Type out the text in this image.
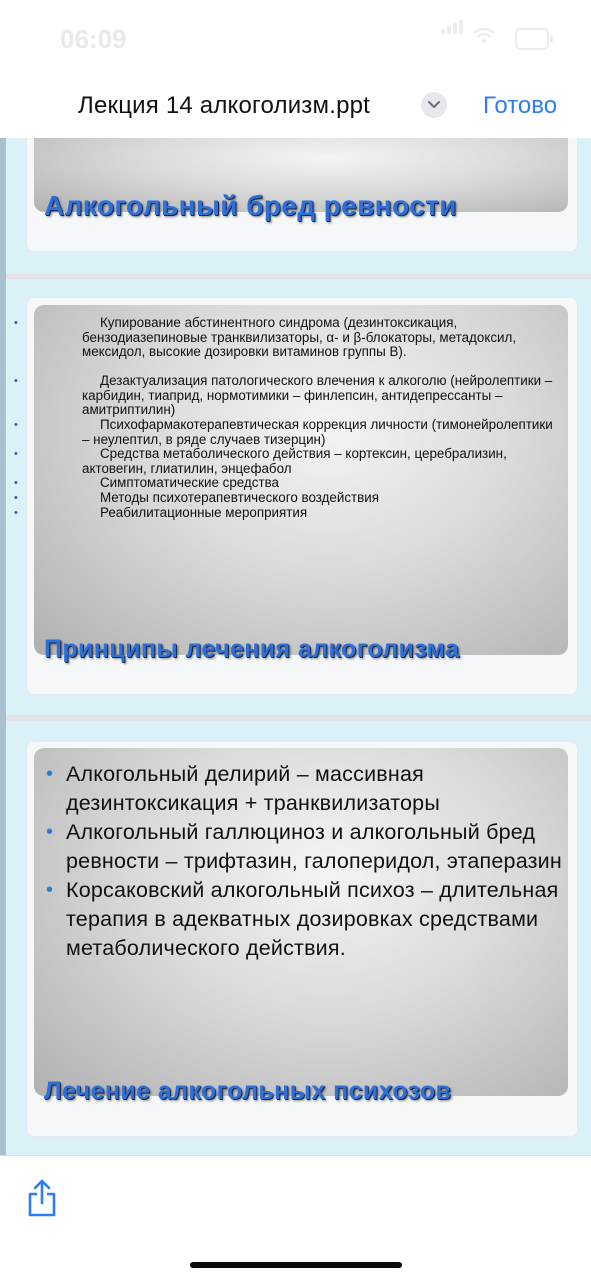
06:09
Лекция 14 алкоголизм.ppt	Готово
Алкогольный бред ревности
Принципы лечения алкоголизма
•	Купирование абстинентного синдрома (дезинтоксикация, бензодиазепиновые транквилизаторы, α- и β-блокаторы, метадоксил, мексидол, высокие дозировки витаминов группы В).
•	Дезактуализация патологического влечения к алкоголю (нейролептики – карбидин, тиаприд, нормотимики – финлепсин, антидепрессанты – амитриптилин)
•	Психофармакотерапевтическая коррекция личности (тимонейролептики – неулептил, в ряде случаев тизерцин)
•	Средства метаболического действия – кортексин, церебрализин, актовегин, глиатилин, энцефабол
•	Симптоматические средства
•	Методы психотерапевтического воздействия
•	Реабилитационные мероприятия
Лечение алкогольных психозов
• Алкогольный делирий – массивная дезинтоксикация + транквилизаторы
• Алкогольный галлюциноз и алкогольный бред ревности – трифтазин, галоперидол, этаперазин
• Корсаковский алкогольный психоз – длительная терапия в адекватных дозировках средствами метаболического действия.
